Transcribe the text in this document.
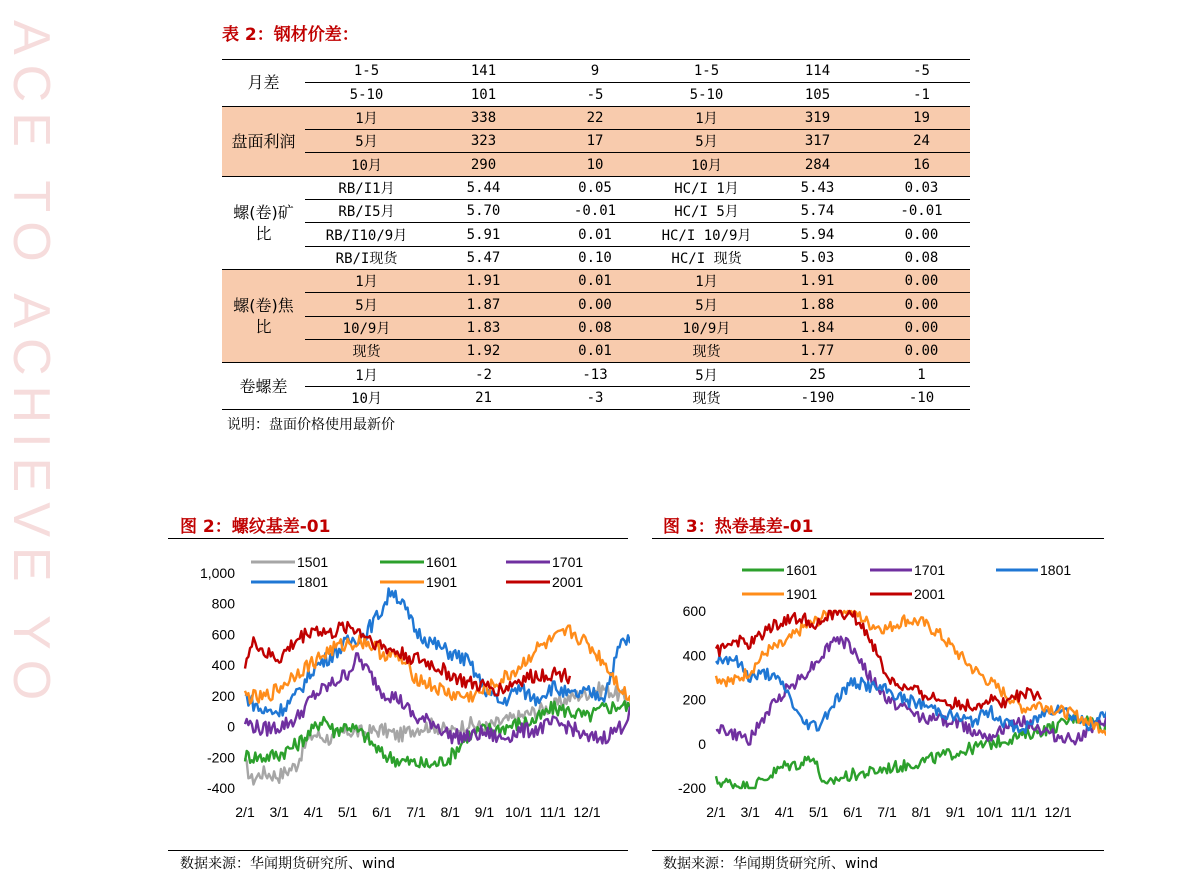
ACE TO ACHIEVE YO	表 2：钢材价差：
月差	1-5	141	9	1-5	114	-5
	5-10	101	-5	5-10	105	-1
盘面利润	1月	338	22	1月	319	19
	5月	323	17	5月	317	24
	10月	290	10	10月	284	16
螺(卷)矿
比	RB/I1月	5.44	0.05	HC/I 1月	5.43	0.03
	RB/I5月	5.70	-0.01	HC/I 5月	5.74	-0.01
	RB/I10/9月	5.91	0.01	HC/I 10/9月	5.94	0.00
	RB/I现货	5.47	0.10	HC/I 现货	5.03	0.08
螺(卷)焦
比	1月	1.91	0.01	1月	1.91	0.00
	5月	1.87	0.00	5月	1.88	0.00
	10/9月	1.83	0.08	10/9月	1.84	0.00
	现货	1.92	0.01	现货	1.77	0.00
卷螺差	1月	-2	-13	5月	25	1
	10月	21	-3	现货	-190	-10
说明：盘面价格使用最新价
图 2：螺纹基差-01
-400
-200
0
200
400
600
800
1,000
2/1 3/1 4/1 5/1 6/1 7/1 8/1 9/1 10/1 11/1 12/1
1501	1601	1701
1801	1901	2001
数据来源：华闻期货研究所、wind
图 3：热卷基差-01
-200
0
200
400
600
2/1 3/1 4/1 5/1 6/1 7/1 8/1 9/1 10/1 11/1 12/1
1601	1701	1801
1901	2001
数据来源：华闻期货研究所、wind
